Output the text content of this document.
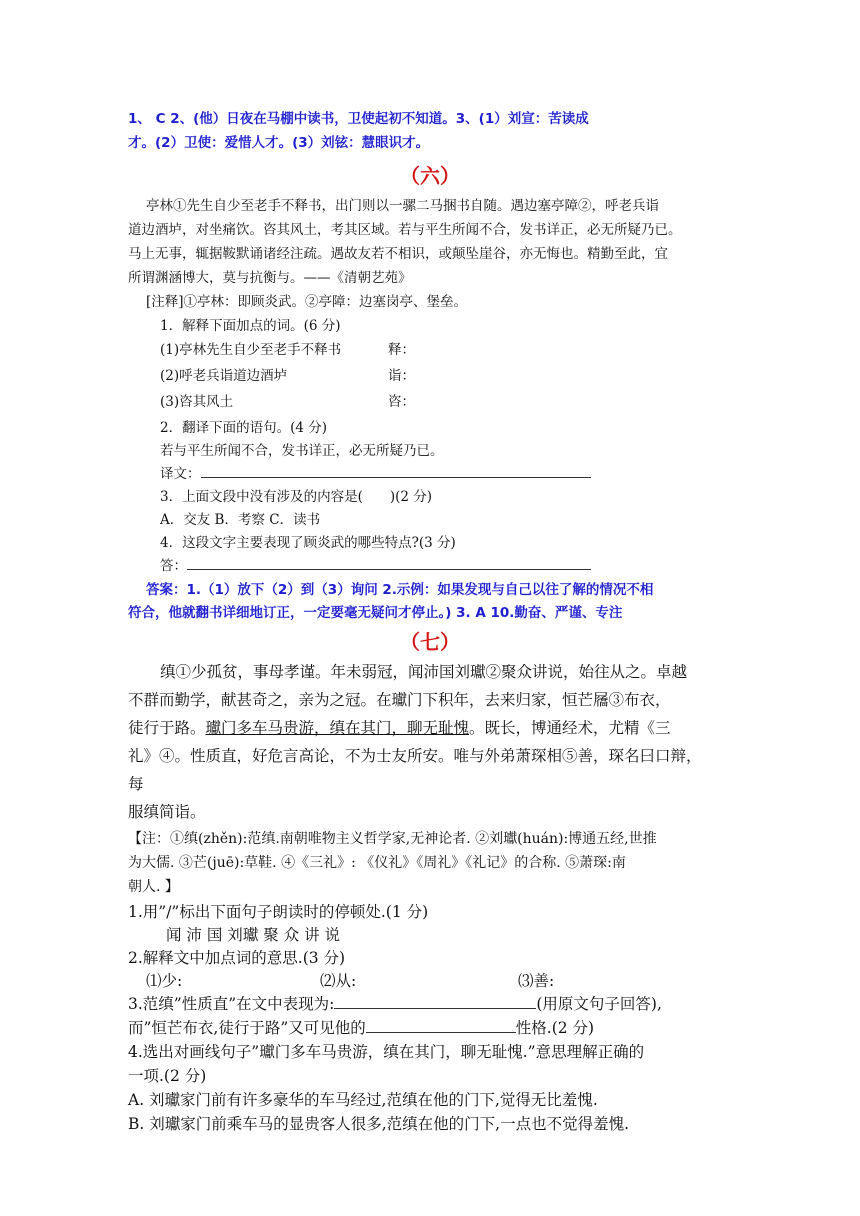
1、 C 2、(他）日夜在马棚中读书，卫使起初不知道。3、(1）刘宣：苦读成
才。(2）卫使：爱惜人才。(3）刘铉：慧眼识才。
（六）
亭林①先生自少至老手不释书，出门则以一骡二马捆书自随。遇边塞亭障②，呼老兵诣
道边酒垆，对坐痛饮。咨其风土，考其区域。若与平生所闻不合，发书详正，必无所疑乃已。
马上无事，辄据鞍默诵诸经注疏。遇故友若不相识，或颠坠崖谷，亦无悔也。精勤至此，宜
所谓渊涵博大，莫与抗衡与。——《清朝艺苑》
[注释]①亭林：即顾炎武。②亭障：边塞岗亭、堡垒。
1．解释下面加点的词。(6 分)
(1)亭林先生自少至老手不释书	释：
(2)呼老兵诣道边酒垆	诣：
(3)咨其风土	咨：
2．翻译下面的语句。(4 分)
若与平生所闻不合，发书详正，必无所疑乃已。
译文：
3．上面文段中没有涉及的内容是(　　)(2 分)
A．交友 B．考察 C．读书
4．这段文字主要表现了顾炎武的哪些特点?(3 分)
答：
答案：1.（1）放下（2）到（3）询问 2.示例：如果发现与自己以往了解的情况不相
符合，他就翻书详细地订正，一定要毫无疑问才停止。) 3. A 10.勤奋、严谨、专注
（七）
缜①少孤贫，事母孝谨。年未弱冠，闻沛国刘瓛②聚众讲说，始往从之。卓越
不群而勤学，献甚奇之，亲为之冠。在瓛门下积年，去来归家，恒芒屩③布衣，
徒行于路。瓛门多车马贵游，缜在其门，聊无耻愧。既长，博通经术，尤精《三
礼》④。性质直，好危言高论，不为士友所安。唯与外弟萧琛相⑤善，琛名曰口辩，
每
服缜简诣。
【注：①缜(zhěn):范缜.南朝唯物主义哲学家,无神论者. ②刘瓛(huán):博通五经,世推
为大儒. ③芒(juē):草鞋. ④《三礼》: 《仪礼》《周礼》《礼记》的合称. ⑤萧琛:南
朝人. 】
1.用”/”标出下面句子朗读时的停顿处.(1 分)
闻 沛 国 刘瓛 聚 众 讲 说
2.解释文中加点词的意思.(3 分)
⑴少:	⑵从:	⑶善:
3.范缜”性质直”在文中表现为:	(用原文句子回答),
而”恒芒布衣,徒行于路”又可见他的	性格.(2 分)
4.选出对画线句子”瓛门多车马贵游，缜在其门，聊无耻愧.”意思理解正确的
一项.(2 分)
A. 刘瓛家门前有许多豪华的车马经过,范缜在他的门下,觉得无比羞愧.
B. 刘瓛家门前乘车马的显贵客人很多,范缜在他的门下,一点也不觉得羞愧.
